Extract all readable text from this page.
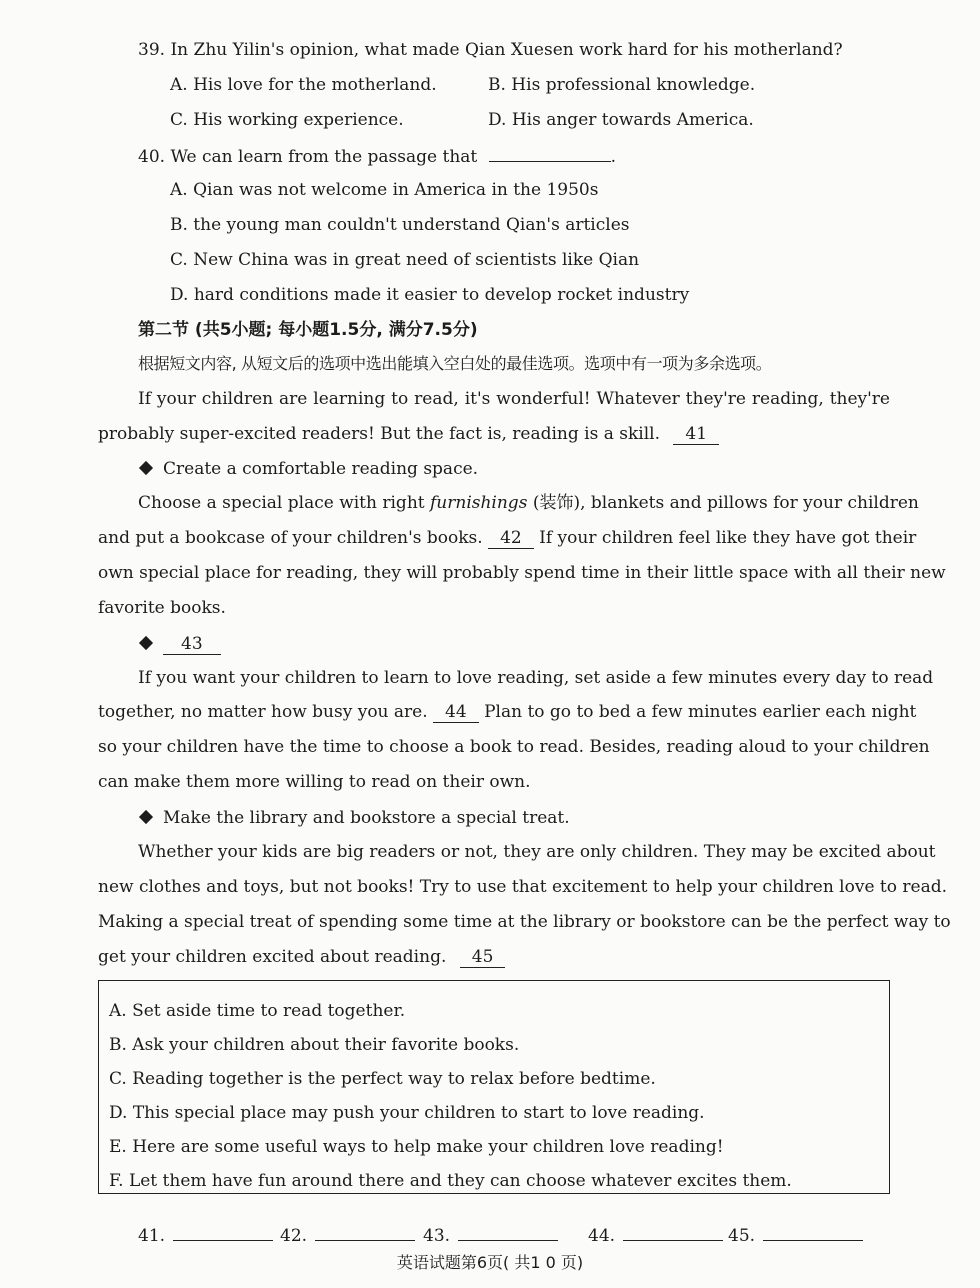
39. In Zhu Yilin's opinion, what made Qian Xuesen work hard for his motherland?
A. His love for the motherland.	B. His professional knowledge.
C. His working experience.	D. His anger towards America.
40. We can learn from the passage that	.
A. Qian was not welcome in America in the 1950s
B. the young man couldn't understand Qian's articles
C. New China was in great need of scientists like Qian
D. hard conditions made it easier to develop rocket industry
第二节 (共5小题; 每小题1.5分, 满分7.5分)
根据短文内容, 从短文后的选项中选出能填入空白处的最佳选项。选项中有一项为多余选项。
If your children are learning to read, it's wonderful! Whatever they're reading, they're
probably super-excited readers! But the fact is, reading is a skill. 41
Create a comfortable reading space.
Choose a special place with right furnishings (装饰), blankets and pillows for your children
and put a bookcase of your children's books. 42 If your children feel like they have got their
own special place for reading, they will probably spend time in their little space with all their new
favorite books.
43
If you want your children to learn to love reading, set aside a few minutes every day to read
together, no matter how busy you are. 44 Plan to go to bed a few minutes earlier each night
so your children have the time to choose a book to read. Besides, reading aloud to your children
can make them more willing to read on their own.
Make the library and bookstore a special treat.
Whether your kids are big readers or not, they are only children. They may be excited about
new clothes and toys, but not books! Try to use that excitement to help your children love to read.
Making a special treat of spending some time at the library or bookstore can be the perfect way to
get your children excited about reading. 45
A. Set aside time to read together.
B. Ask your children about their favorite books.
C. Reading together is the perfect way to relax before bedtime.
D. This special place may push your children to start to love reading.
E. Here are some useful ways to help make your children love reading!
F. Let them have fun around there and they can choose whatever excites them.
41.	42.	43.	44.	45.
英语试题第6页( 共1 0 页)
